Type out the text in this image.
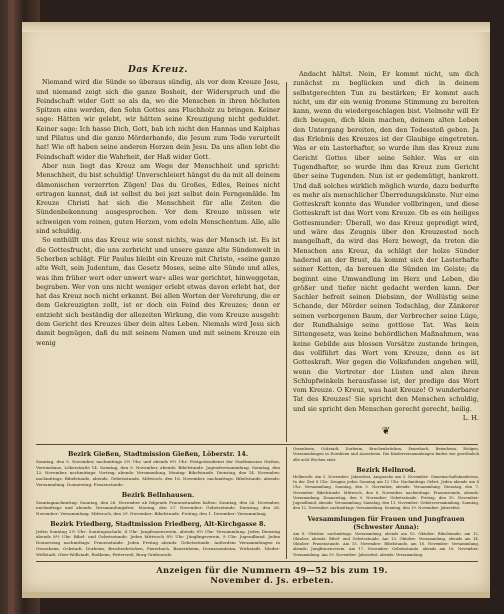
Das Kreuz.

Niemand wird die Sünde so überaus sündig, als vor dem Kreuze Jesu, und niemand zeigt sich die ganze Bosheit, der Widerspruch und die Feindschaft wider Gott so als da, wo die Menschen in ihren höchsten Spitzen eins werden, den Sohn Gottes ans Fluchholz zu bringen. Keiner sage: Hätten wir gelebt, wir hätten seine Kreuzigung nicht geduldet. Keiner sage: Ich hasse Dich, Gott, bah ich nicht den Hannas und Kaiphas und Pilatus und die ganze Mörderbande, die Jesum zum Tode verurteilt hat! Wie oft haben seine anderen Herzen dein Jesu. Da uns allen lebt die Feindschaft wider die Wahrheit, der Haß wider Gott.

Aber nun liegt das Kreuz am Wege der Menschheit und spricht: Menschheit, du bist schuldig! Unverschleiert hängst du da mit all deinem dämonischen verzerrten Zügen! Das du Großes, Edles, Reines nicht ertragen kannst, daß ist selbst du bei jezt selbst dein Ferngemälde. Im Kreuze Christi hat sich die Menschheit für alle Zeiten die Sündenbekennung ausgesprochen. Vor dem Kreuze müssen wir schweigen vom reinen, guten Herzen, vom edeln Menschentum. Alle, alle sind schuldig.

So enthüllt uns das Kreuz wie sonst nichts, was der Mensch ist. Es ist die Gottesfrucht, die uns zerbricht und unsere ganze alte Sündenwelt in Scherben schlägt. Für Paulus bleibt ein Kreuze mit Christo, »seine ganze alte Welt, sein Judentum, das Gesetz Moses, seine alte Sünde und alles, was ihm früher wert oder unwert war« alles war gerichtet, hinweggetan, begraben. Wer von uns nicht weniger erlebt etwas davon erlebt hat, der hat das Kreuz noch nicht erkannt. Bei allen Worten der Verehrung, die er dem Gekreuzigten zollt, ist er doch ein Feind des Kreuzes; denn er entzieht sich beständig der allezeiten Wirkung, die vom Kreuze ausgeht: dem Gericht des Kreuzes über dein altes Leben. Niemals wird Jesu sich damit begnügen, daß du mit seinem Namen und mit seinem Kreuze ein wenig

Andacht hältst. Nein, Er kommt nicht, um dich zunächst zu beglücken und dich in deinem selbstgerechten Tun zu bestärken; Er kommt auch nicht, um dir ein wenig fromme Stimmung zu bereiten kann, wenn du wiedergeschlagen bist. Vielmehr will Er dich beugen, dich klein machen, deinem alten Leben den Untergang bereiten, den den Todesstoß geben. Ja das Erlebnis des Kreuzes ist der Glaubige eingetreten. Was er ein Lasterhafter, so wurde ihm das Kreuz zum Gericht Gottes über seine Sehler. Was er ein Tugendhafter, so wurde ihm das Kreuz zum Gericht über seine Tugenden. Nun ist er gedemütigt, hankrott. Und daß solches wirklich möglich wurde, dazu bedurfte es mehr als menschlicher Überredungskünste. Nur eine Gotteskraft konnte das Wunder vollbringen, und diese Gotteskraft ist das Wort vom Kreuze. Ob es ein heiliges Gottesmunder: Überall, wo das Kreuz gepredigt wird, und wäre das Zeugnis über den Kreuzestod noch mangelhaft, da wird das Herz bewegt, da treten die Menschen ans Kreuz, da schlägt der holze Sünder hadernd an der Brust, da kommt sich der Lasterhafte seiner Ketten, da bereuen die Sünden im Geiste; da beginnt eine Umwandlung im Herz und Leben, die größer und tiefer nicht gedacht werden kann. Der Sachler befreit seinen Diebsinn, der Wollüstig seine Schande, der Mörder seinen Todschlag, der Zänkerer seinen verborgenen Baum, der Verbrecher seine Lüge, der Rundhalsige seine gottlose Tat. Was kein Sittengesetz, was keine behördlichen Maßnahmen, was keine Gebilde aus blossen Vorsätze zustande bringen, das vollführt das Wort vom Kreuze, denn es ist Gotteskraft. Wer gegen die Volksfunden angehen will, wenn die Vertreter der Lüsten und alen ihren Schlupfwinkeln herausfasse ist, der predige das Wort vom Kreuze. O Kreuz, was hast Kreuze! O wunderbarer Tat des Kreuzes! Sie spricht den Menschen schuldig, und sie spricht den Menschen gerecht gerecht, heilig.

L. H.
❦
Bezirk Gießen, Stadtmission Gießen, Löberstr. 14.
Sonntag, den 5. November, nachmittags 2½ Uhr, und abends 8½ Uhr: Festgottesdienst der Stadtmission Gießen, Vereinshaus, Löberstraße 14. Sonntag, den 9. November, abends: Bibelstunde. Jugendversammlung. Sonntag, den 12. November, nachmittags: Vortrag, abends: Versammlung. Montag: Bibelstunde. Dienstag, den 14. November, nachmittags: Bibelstunde, abends: Gebetsstunde. Mittwoch, den 16. November, nachmittags: Bibelstunde, abends: Versammlung. Donnerstag: Frauenstunde.
Bezirk Bellnhausen.
Sonntagnachmittag: Sonntag, den 26. November ab folgende Frauenstunden halten: Sonntag, den 26. November, nachmittags und abends: Versammlungsfest. Montag, den 27. November: Gebetsstunde. Dienstag, den 28. November: Versammlung. Mittwoch, den 29. November: Bibelstunde. Freitag, den 1. Dezember: Versammlung.
Bezirk Friedberg, Stadtmission Friedberg, Alt-Kirchgasse 8.
Jeden Sonntag 2½ Uhr: Sonntagsschule, 4 Uhr: Jungfrauenverein, abends 8½ Uhr: Versammlung. Jeden Dienstag abends 8½ Uhr: Bibel- und Gebetsstunde. Jeden Mittwoch 8½ Uhr: Jünglingsverein, 9 Uhr: Jugendbund. Jeden Donnerstag nachmittags: Frauenstunde. Jeden Freitag abends: Gebetsstunde. Außerdem Versammlungen in Ossenheim, Ockstadt, Dorheim, Bruchenbrücken, Fauerbach, Bauernheim, Dornassenheim, Wickstadt, Nieder-Wöllstadt, Ober-Wöllstadt, Rodheim, Petterweil, Burg-Gräfenrode.
Ossenheim, Ockstadt, Dorheim, Bruchenbrücken, Fauerbach, Beienheim, Rödgen. Versammlungen in Dornheim und Assenheim. Die Kinderversammlungen finden wie gewöhnlich alle acht Wochen statt.
Bezirk Hellnrod.
Hellnrode: Am 5. November: Jahresfest, Ansprache am 5. November: Gemeinschaftskonferenz, In der Zeit 8 Uhr: Zeugnis jeden Sonntag um 12 Uhr. Nachmittags Gebet, Jeden abends um 8 Uhr: Versammlung. Sonntag, den 5. November, abends: Versammlung. Dienstag, den 7. November: Bibelstunde. Mittwoch, den 8. November, nachmittags: Frauenstunde, abends: Versammlung. Donnerstag, den 9. November: Gebetsstunde. Freitag, den 10. November: Jugendbund, abends: Versammlung. Samstag, den 11. November: Gebetsversammlung. Sonntag, den 12. November, nachmittags: Versammlung. Sonntag, den 19. November: Jahresfest.
Versammlungen für Frauen und Jungfrauen (Schwester Anna):
Am 8. Oktober, nachmittags: Versammlung, abends am 10. Oktober: Bibelstunde, am 12. Oktober, abends: Bibel- und Gebetsstunde. Am 13. Oktober: Versammlung, abends am 14. Oktober: Frauenstunde. Am 15. November: Bibelstunde, am 16. November: Versammlung, abends: Jungfrauenverein. Am 17. November: Gebetsstunde, abends am 18. November: Versammlung. Am 19. November: Jahresfest, abends: Versammlung.
Anzeigen für die Nummern 49—52 bis zum 19. November d. Js. erbeten.
